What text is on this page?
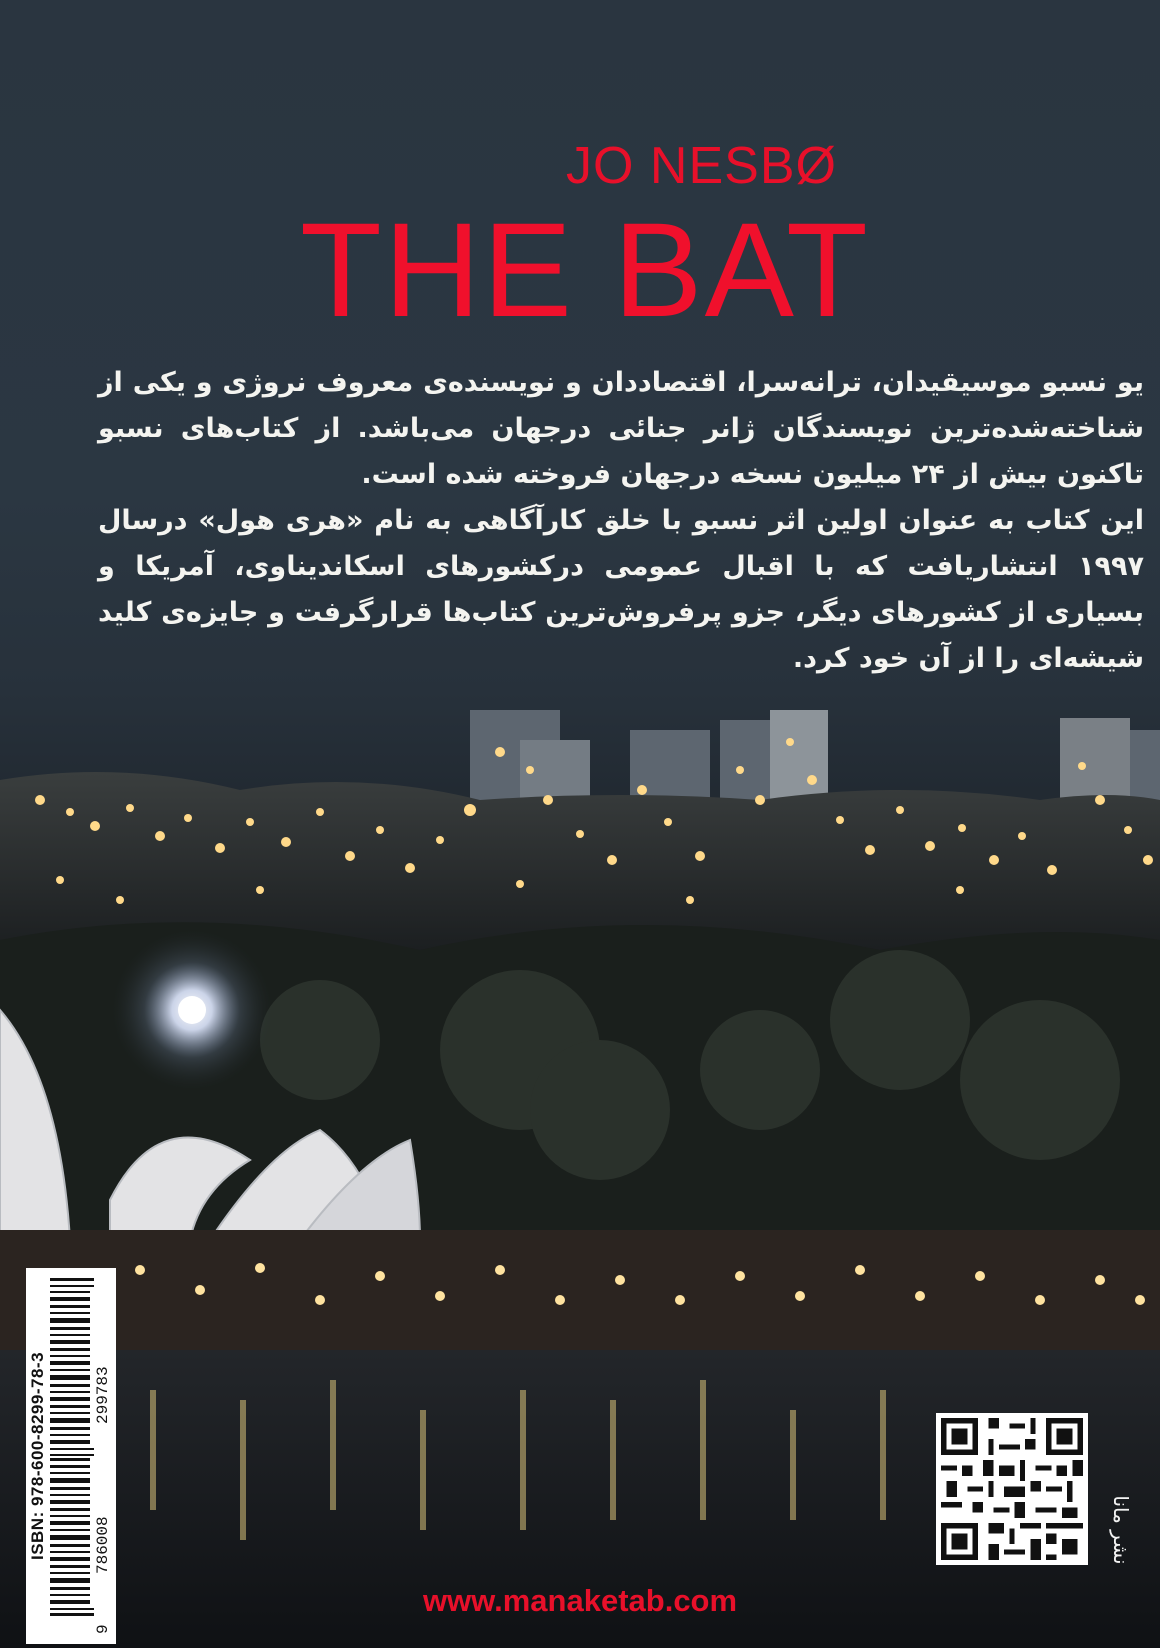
JO NESBØ
THE BAT

یو نسبو موسیقیدان، ترانه‌سرا، اقتصاددان و نویسنده‌ی معروف نروژی و یکی از شناخته‌شده‌ترین نویسندگان ژانر جنائی درجهان می‌باشد. از کتاب‌های نسبو تاکنون بیش از ۲۴ میلیون نسخه درجهان فروخته شده است.

این کتاب به عنوان اولین اثر نسبو با خلق کارآگاهی به نام «هری هول» درسال ۱۹۹۷ انتشاریافت که با اقبال عمومی درکشورهای اسکاندیناوی، آمریکا و بسیاری از کشورهای دیگر، جزو پرفروش‌ترین کتاب‌ها قرارگرفت و جایزه‌ی کلید شیشه‌ای را از آن خود کرد.

ISBN: 978-600-8299-78-3
9
786008
299783
www.manaketab.com
نشر مانا
